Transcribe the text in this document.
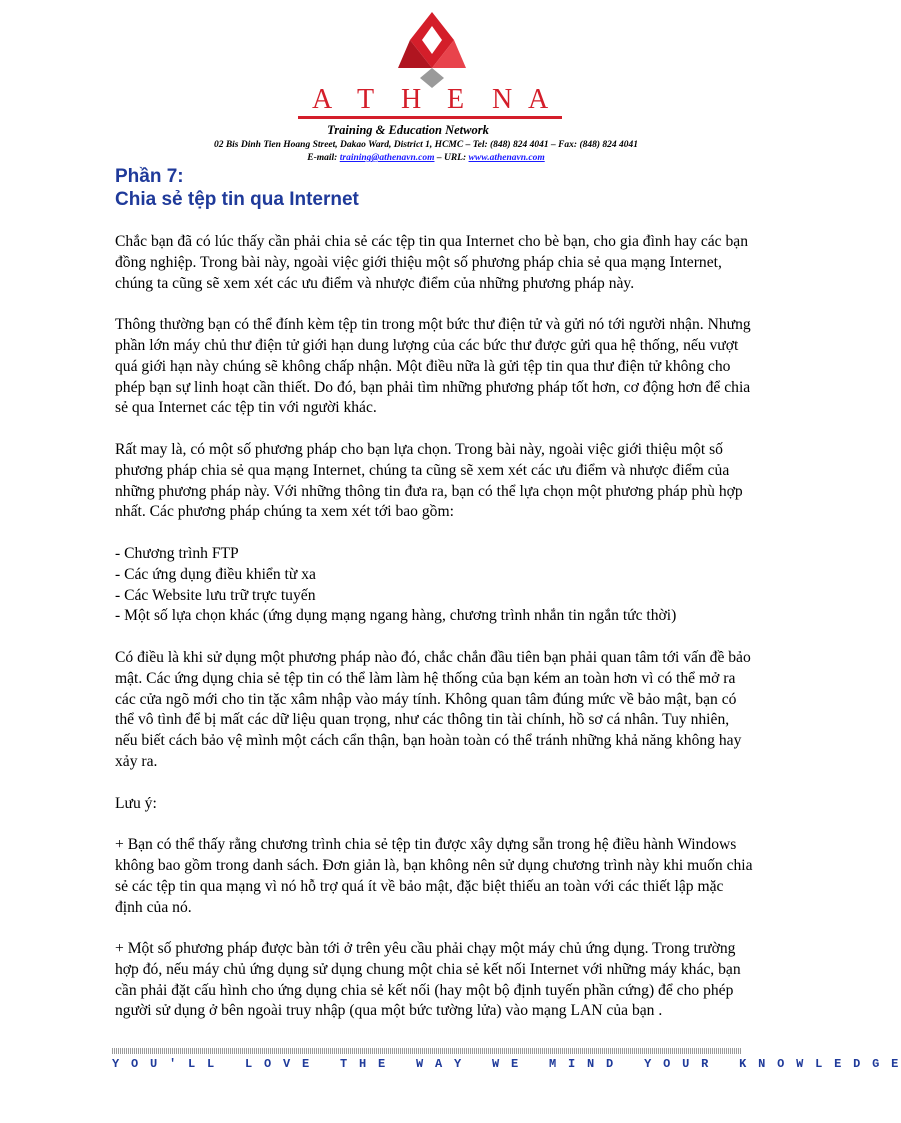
A T H E N A
Training & Education Network
02 Bis Dinh Tien Hoang Street, Dakao Ward, District 1, HCMC – Tel: (848) 824 4041 – Fax: (848) 824 4041
E-mail: training@athenavn.com – URL: www.athenavn.com
Phần 7:
Chia sẻ tệp tin qua Internet

Chắc bạn đã có lúc thấy cần phải chia sẻ các tệp tin qua Internet cho bè bạn, cho gia đình hay các bạn đồng nghiệp. Trong bài này, ngoài việc giới thiệu một số phương pháp chia sẻ qua mạng Internet, chúng ta cũng sẽ xem xét các ưu điểm và nhược điểm của những phương pháp này.

Thông thường bạn có thể đính kèm tệp tin trong một bức thư điện tử và gửi nó tới người nhận. Nhưng phần lớn máy chủ thư điện tử giới hạn dung lượng của các bức thư được gửi qua hệ thống, nếu vượt quá giới hạn này chúng sẽ không chấp nhận. Một điều nữa là gửi tệp tin qua thư điện tử không cho phép bạn sự linh hoạt cần thiết. Do đó, bạn phải tìm những phương pháp tốt hơn, cơ động hơn để chia sẻ qua Internet các tệp tin với người khác.

Rất may là, có một số phương pháp cho bạn lựa chọn. Trong bài này, ngoài việc giới thiệu một số phương pháp chia sẻ qua mạng Internet, chúng ta cũng sẽ xem xét các ưu điểm và nhược điểm của những phương pháp này. Với những thông tin đưa ra, bạn có thể lựa chọn một phương pháp phù hợp nhất. Các phương pháp chúng ta xem xét tới bao gồm:

- Chương trình FTP
- Các ứng dụng điều khiển từ xa
- Các Website lưu trữ trực tuyến
- Một số lựa chọn khác (ứng dụng mạng ngang hàng, chương trình nhắn tin ngắn tức thời)

Có điều là khi sử dụng một phương pháp nào đó, chắc chắn đầu tiên bạn phải quan tâm tới vấn đề bảo mật. Các ứng dụng chia sẻ tệp tin có thể làm làm hệ thống của bạn kém an toàn hơn vì có thể mở ra các cửa ngõ mới cho tin tặc xâm nhập vào máy tính. Không quan tâm đúng mức về bảo mật, bạn có thể vô tình để bị mất các dữ liệu quan trọng, như các thông tin tài chính, hồ sơ cá nhân. Tuy nhiên, nếu biết cách bảo vệ mình một cách cẩn thận, bạn hoàn toàn có thể tránh những khả năng không hay xảy ra.

Lưu ý:

+ Bạn có thể thấy rằng chương trình chia sẻ tệp tin được xây dựng sẵn trong hệ điều hành Windows không bao gồm trong danh sách. Đơn giản là, bạn không nên sử dụng chương trình này khi muốn chia sẻ các tệp tin qua mạng vì nó hỗ trợ quá ít về bảo mật, đặc biệt thiếu an toàn với các thiết lập mặc định của nó.

+ Một số phương pháp được bàn tới ở trên yêu cầu phải chạy một máy chủ ứng dụng. Trong trường hợp đó, nếu máy chủ ứng dụng sử dụng chung một chia sẻ kết nối Internet với những máy khác, bạn cần phải đặt cấu hình cho ứng dụng chia sẻ kết nối (hay một bộ định tuyến phần cứng) để cho phép người sử dụng ở bên ngoài truy nhập (qua một bức tường lửa) vào mạng LAN của bạn .

Y O U ' L L   L O V E   T H E   W A Y   W E   M I N D   Y O U R   K N O W L E D G E
